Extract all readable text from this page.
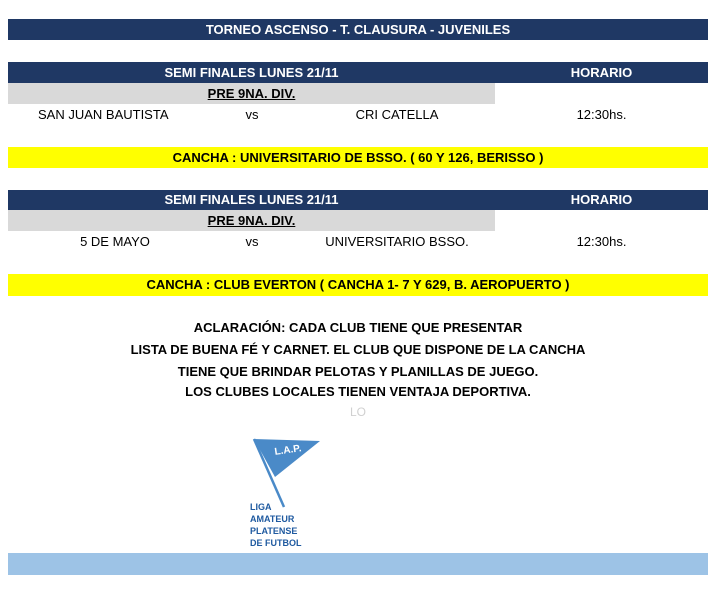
TORNEO ASCENSO - T. CLAUSURA - JUVENILES
SEMI FINALES LUNES 21/11	HORARIO
PRE 9NA. DIV.
SAN JUAN BAUTISTA	vs	CRI CATELLA	12:30hs.
CANCHA : UNIVERSITARIO DE BSSO. ( 60 Y 126, BERISSO )
SEMI FINALES LUNES 21/11	HORARIO
PRE 9NA. DIV.
5 DE MAYO	vs	UNIVERSITARIO BSSO.	12:30hs.
CANCHA : CLUB EVERTON ( CANCHA 1- 7 Y 629, B. AEROPUERTO )
ACLARACIÓN: CADA CLUB TIENE QUE PRESENTAR
LISTA DE BUENA FÉ Y CARNET. EL CLUB QUE DISPONE DE LA CANCHA
TIENE QUE BRINDAR PELOTAS Y PLANILLAS DE JUEGO.
LOS CLUBES LOCALES TIENEN VENTAJA DEPORTIVA.
LO
L.A.P.
LIGA
AMATEUR
PLATENSE
DE FUTBOL
